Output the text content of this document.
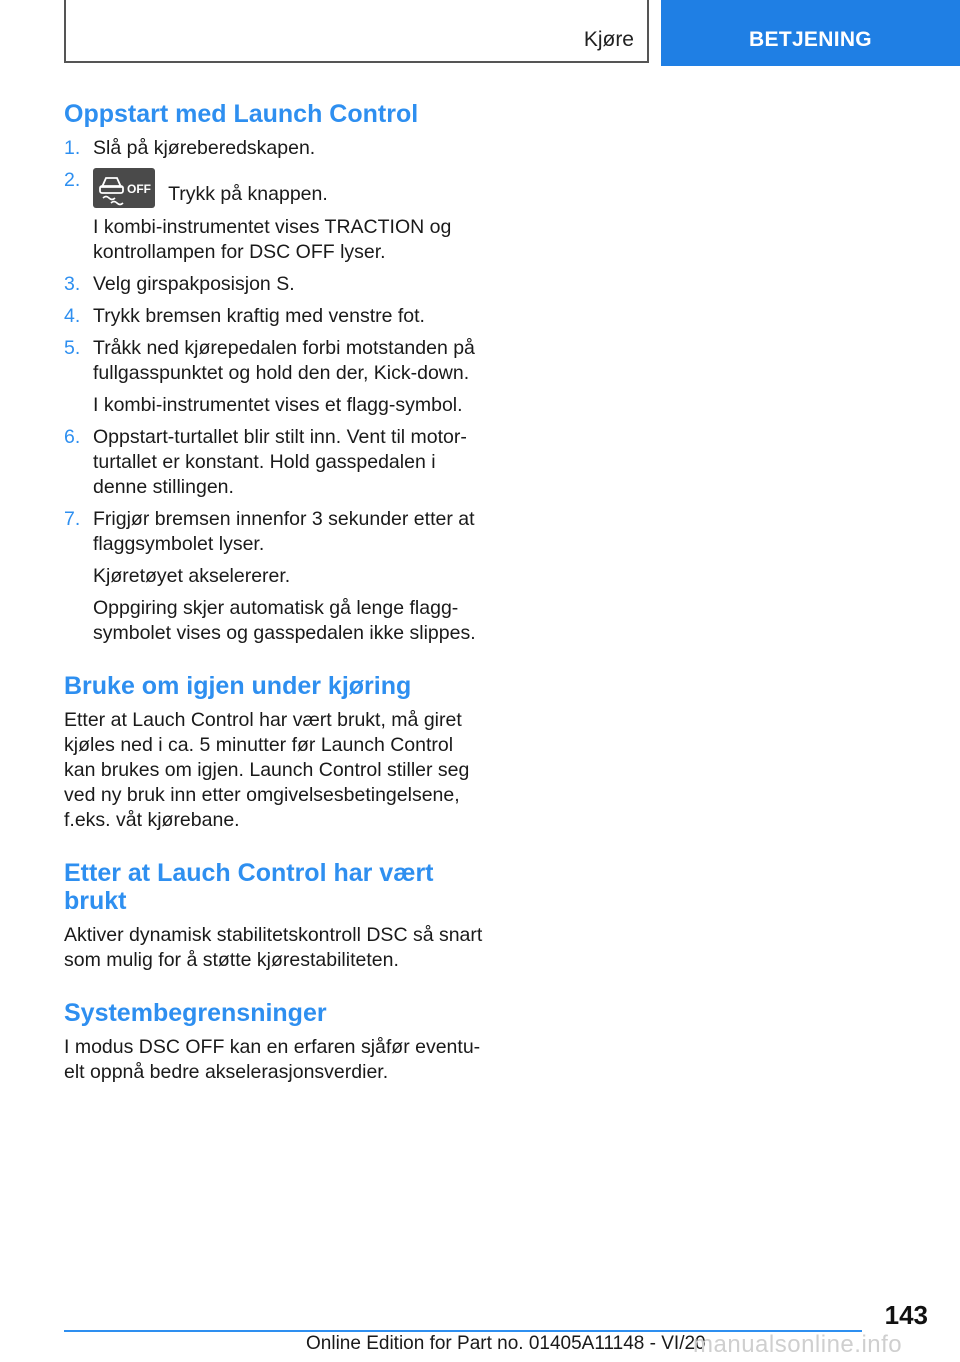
Kjøre	BETJENING
Oppstart med Launch Control
1. Slå på kjøreberedskapen.
2.	OFF Trykk på knappen.
I kombi-instrumentet vises TRACTION og kontrollampen for DSC OFF lyser.
3. Velg girspakposisjon S.
4. Trykk bremsen kraftig med venstre fot.
5. Tråkk ned kjørepedalen forbi motstanden på fullgasspunktet og hold den der, Kick-down.
I kombi-instrumentet vises et flagg-symbol.
6. Oppstart-turtallet blir stilt inn. Vent til motor-turtallet er konstant. Hold gasspedalen i denne stillingen.
7. Frigjør bremsen innenfor 3 sekunder etter at flaggsymbolet lyser.
Kjøretøyet akselererer.
Oppgiring skjer automatisk gå lenge flagg-symbolet vises og gasspedalen ikke slippes.
Bruke om igjen under kjøring

Etter at Lauch Control har vært brukt, må giret kjøles ned i ca. 5 minutter før Launch Control kan brukes om igjen. Launch Control stiller seg ved ny bruk inn etter omgivelsesbetingelsene, f.eks. våt kjørebane.

Etter at Lauch Control har vært brukt

Aktiver dynamisk stabilitetskontroll DSC så snart som mulig for å støtte kjørestabiliteten.

Systembegrensninger

I modus DSC OFF kan en erfaren sjåfør eventu-elt oppnå bedre akselerasjonsverdier.

143
Online Edition for Part no. 01405A11148 - VI/20
manualsonline.info
